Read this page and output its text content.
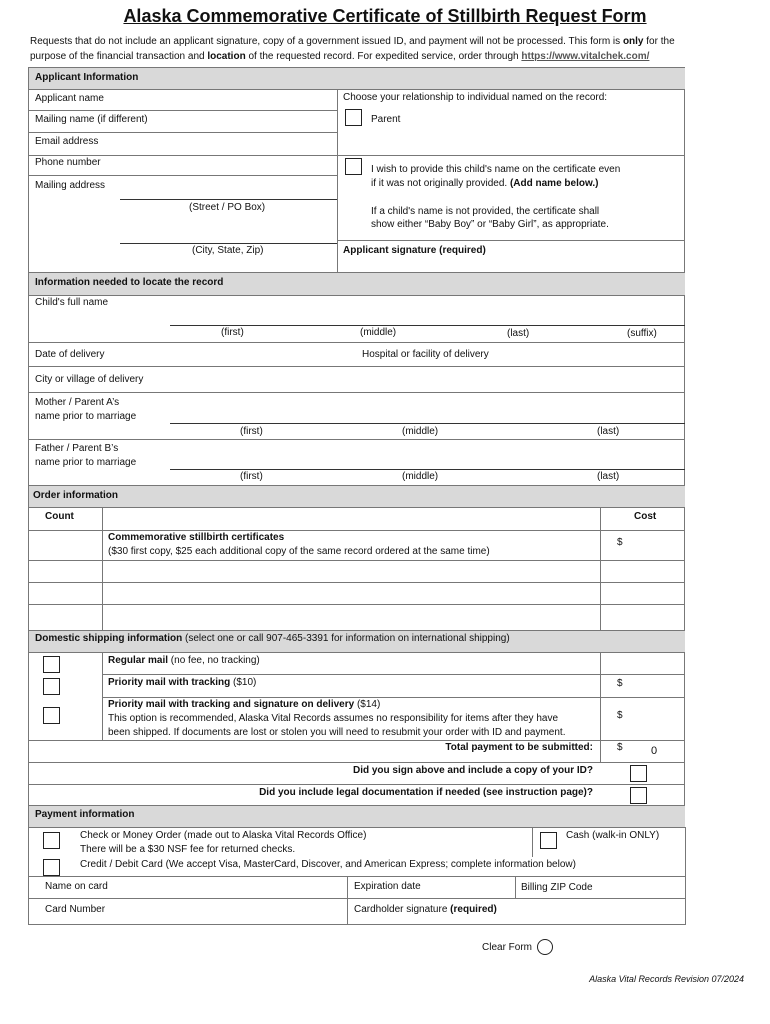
Alaska Commemorative Certificate of Stillbirth Request Form
Requests that do not include an applicant signature, copy of a government issued ID, and payment will not be processed. This form is only for the
purpose of the financial transaction and location of the requested record. For expedited service, order through https://www.vitalchek.com/
Applicant Information
Applicant name
Mailing name (if different)
Email address
Phone number
Mailing address
(Street / PO Box)
(City, State, Zip)
Choose your relationship to individual named on the record:
Parent
I wish to provide this child's name on the certificate even
if it was not originally provided. (Add name below.)
If a child's name is not provided, the certificate shall
show either “Baby Boy” or “Baby Girl”, as appropriate.
Applicant signature (required)
Information needed to locate the record
Child's full name
(first)	(middle)	(last)	(suffix)
Date of delivery	Hospital or facility of delivery
City or village of delivery
Mother / Parent A’s
name prior to marriage
(first)	(middle)	(last)
Father / Parent B’s
name prior to marriage
(first)	(middle)	(last)
Order information
Count	Cost
Commemorative stillbirth certificates
($30 first copy, $25 each additional copy of the same record ordered at the same time)
$
Domestic shipping information (select one or call 907-465-3391 for information on international shipping)
Regular mail (no fee, no tracking)
Priority mail with tracking ($10)	$
Priority mail with tracking and signature on delivery ($14)
This option is recommended, Alaska Vital Records assumes no responsibility for items after they have
been shipped. If documents are lost or stolen you will need to resubmit your order with ID and payment.
$
Total payment to be submitted: $	0
Did you sign above and include a copy of your ID?
Did you include legal documentation if needed (see instruction page)?
Payment information
Check or Money Order (made out to Alaska Vital Records Office)
There will be a $30 NSF fee for returned checks.
Cash (walk-in ONLY)
Credit / Debit Card (We accept Visa, MasterCard, Discover, and American Express; complete information below)
Name on card	Expiration date	Billing ZIP Code
Card Number	Cardholder signature (required)
Clear Form
Alaska Vital Records Revision 07/2024
